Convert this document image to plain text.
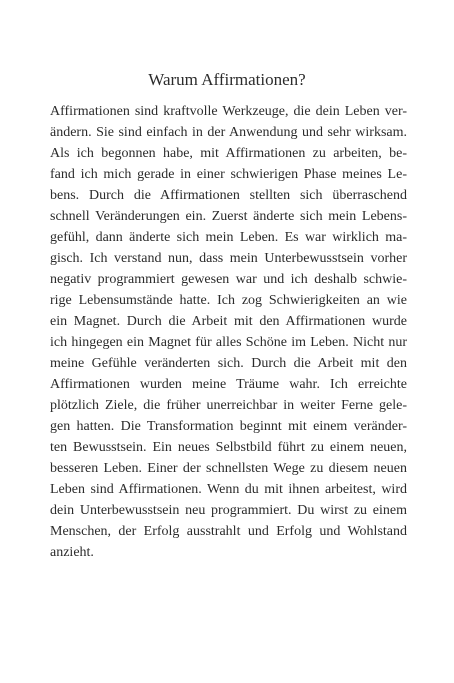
Warum Affirmationen?
Affirmationen sind kraftvolle Werkzeuge, die dein Leben ver-
ändern. Sie sind einfach in der Anwendung und sehr wirksam.
Als ich begonnen habe, mit Affirmationen zu arbeiten, be-
fand ich mich gerade in einer schwierigen Phase meines Le-
bens. Durch die Affirmationen stellten sich überraschend
schnell Veränderungen ein. Zuerst änderte sich mein Lebens-
gefühl, dann änderte sich mein Leben. Es war wirklich ma-
gisch. Ich verstand nun, dass mein Unterbewusstsein vorher
negativ programmiert gewesen war und ich deshalb schwie-
rige Lebensumstände hatte. Ich zog Schwierigkeiten an wie
ein Magnet. Durch die Arbeit mit den Affirmationen wurde
ich hingegen ein Magnet für alles Schöne im Leben. Nicht nur
meine Gefühle veränderten sich. Durch die Arbeit mit den
Affirmationen wurden meine Träume wahr. Ich erreichte
plötzlich Ziele, die früher unerreichbar in weiter Ferne gele-
gen hatten. Die Transformation beginnt mit einem veränder-
ten Bewusstsein. Ein neues Selbstbild führt zu einem neuen,
besseren Leben. Einer der schnellsten Wege zu diesem neuen
Leben sind Affirmationen. Wenn du mit ihnen arbeitest, wird
dein Unterbewusstsein neu programmiert. Du wirst zu einem
Menschen, der Erfolg ausstrahlt und Erfolg und Wohlstand
anzieht.
